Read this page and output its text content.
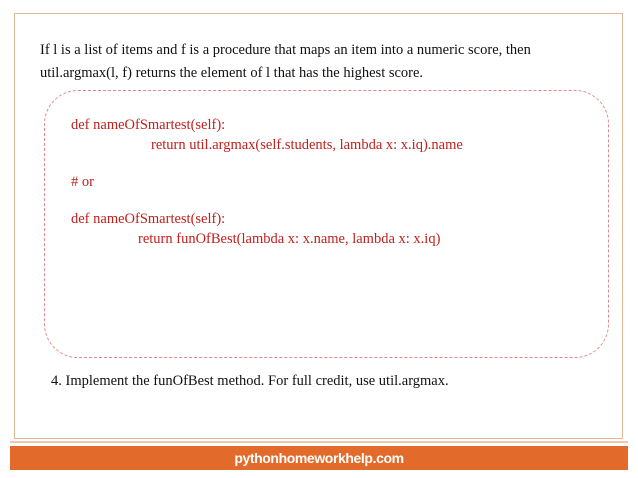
If l is a list of items and f is a procedure that maps an item into a numeric score, then
util.argmax(l, f) returns the element of l that has the highest score.

def nameOfSmartest(self):

return util.argmax(self.students, lambda x: x.iq).name

# or

def nameOfSmartest(self):

return funOfBest(lambda x: x.name, lambda x: x.iq)

4. Implement the funOfBest method. For full credit, use util.argmax.

pythonhomeworkhelp.com
